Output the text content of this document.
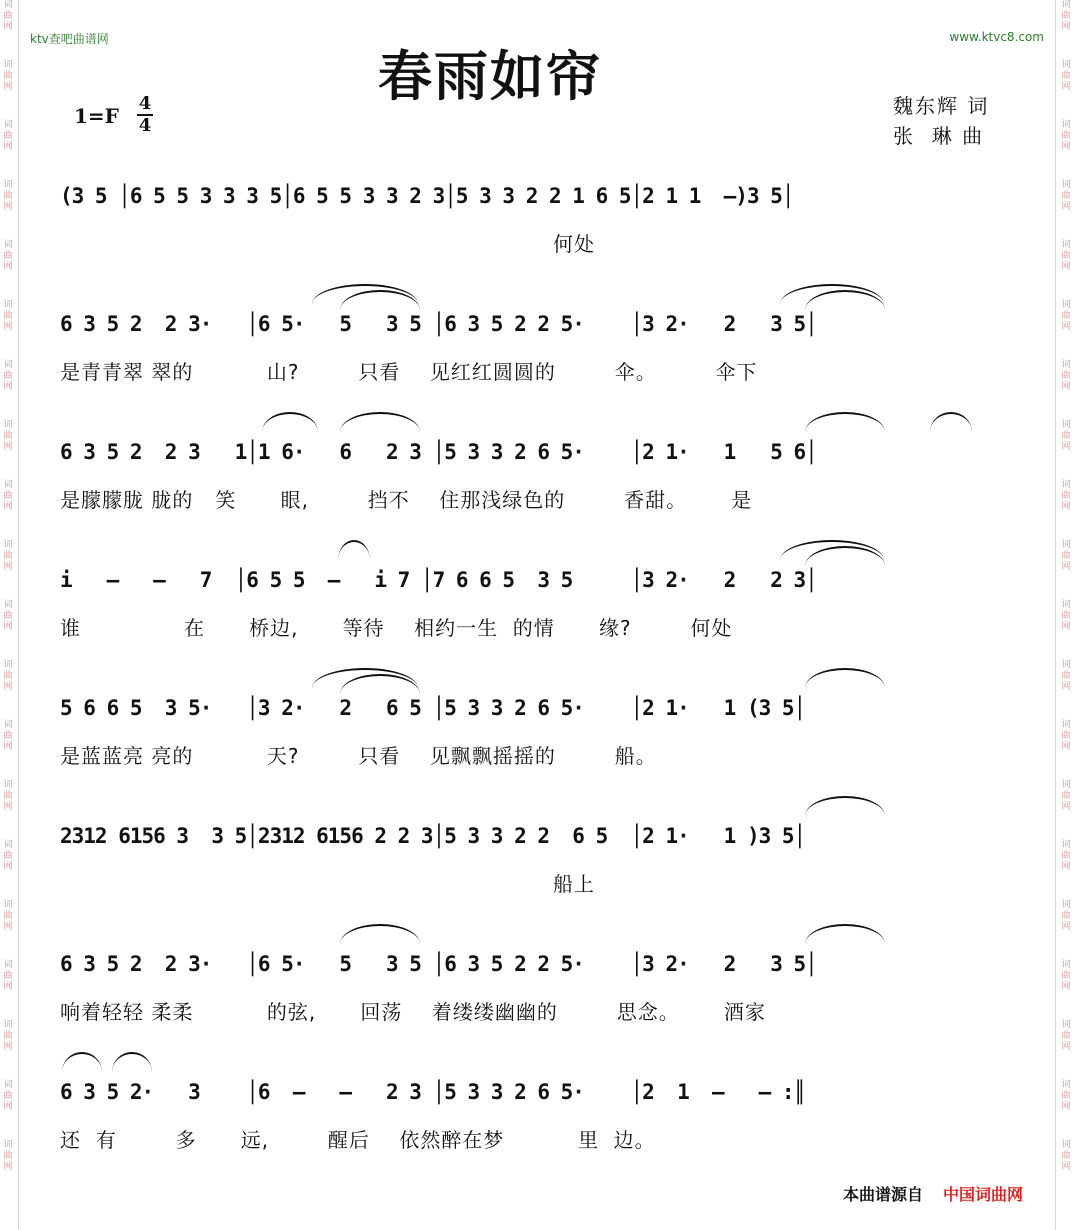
词
曲
网
词
曲
网
词
曲
网
词
曲
网
词
曲
网
词
曲
网
词
曲
网
词
曲
网
词
曲
网
词
曲
网
词
曲
网
词
曲
网
词
曲
网
词
曲
网
词
曲
网
词
曲
网
词
曲
网
词
曲
网
词
曲
网
词
曲
网
词
曲
网
词
曲
网
词
曲
网
词
曲
网
词
曲
网
词
曲
网
词
曲
网
词
曲
网
词
曲
网
词
曲
网
词
曲
网
词
曲
网
词
曲
网
词
曲
网
词
曲
网
词
曲
网
词
曲
网
词
曲
网
词
曲
网
词
曲
网
ktv查吧曲谱网	www.ktvc8.com
春雨如帘
1=F
4
4
魏东辉 词
张  琳 曲
(3 5 │6 5 5 3 3 3 5│6 5 5 3 3 2 3│5 3 3 2 2 1 6 5│2 1 1  –)3 5│
何处
6 3 5 2  2 3·   │6 5·   5   3 5 │6 3 5 2 2 5·    │3 2·   2   3 5│
是青青翠 翠的          山?        只看    见红红圆圆的        伞。        伞下
6 3 5 2  2 3   1│1 6·   6   2 3 │5 3 3 2 6 5·    │2 1·   1   5 6│
是朦朦胧 胧的   笑      眼,        挡不    住那浅绿色的        香甜。      是
i   –   –   7  │6 5 5  –   i 7 │7 6 6 5  3 5     │3 2·   2   2 3│
谁              在      桥边,      等待    相约一生  的情      缘?        何处
5 6 6 5  3 5·   │3 2·   2   6 5 │5 3 3 2 6 5·    │2 1·   1 (3 5│
是蓝蓝亮 亮的          天?        只看    见飘飘摇摇的        船。
2312 6156 3  3 5│2312 6156 2 2 3│5 3 3 2 2  6 5  │2 1·   1 )3 5│
船上
6 3 5 2  2 3·   │6 5·   5   3 5 │6 3 5 2 2 5·    │3 2·   2   3 5│
响着轻轻 柔柔          的弦,      回荡    着缕缕幽幽的        思念。      酒家
6 3 5 2·   3    │6  –   –   2 3 │5 3 3 2 6 5·    │2  1  –   – :║
还  有        多      远,        醒后    依然醉在梦          里  边。
本曲谱源自 中国词曲网
